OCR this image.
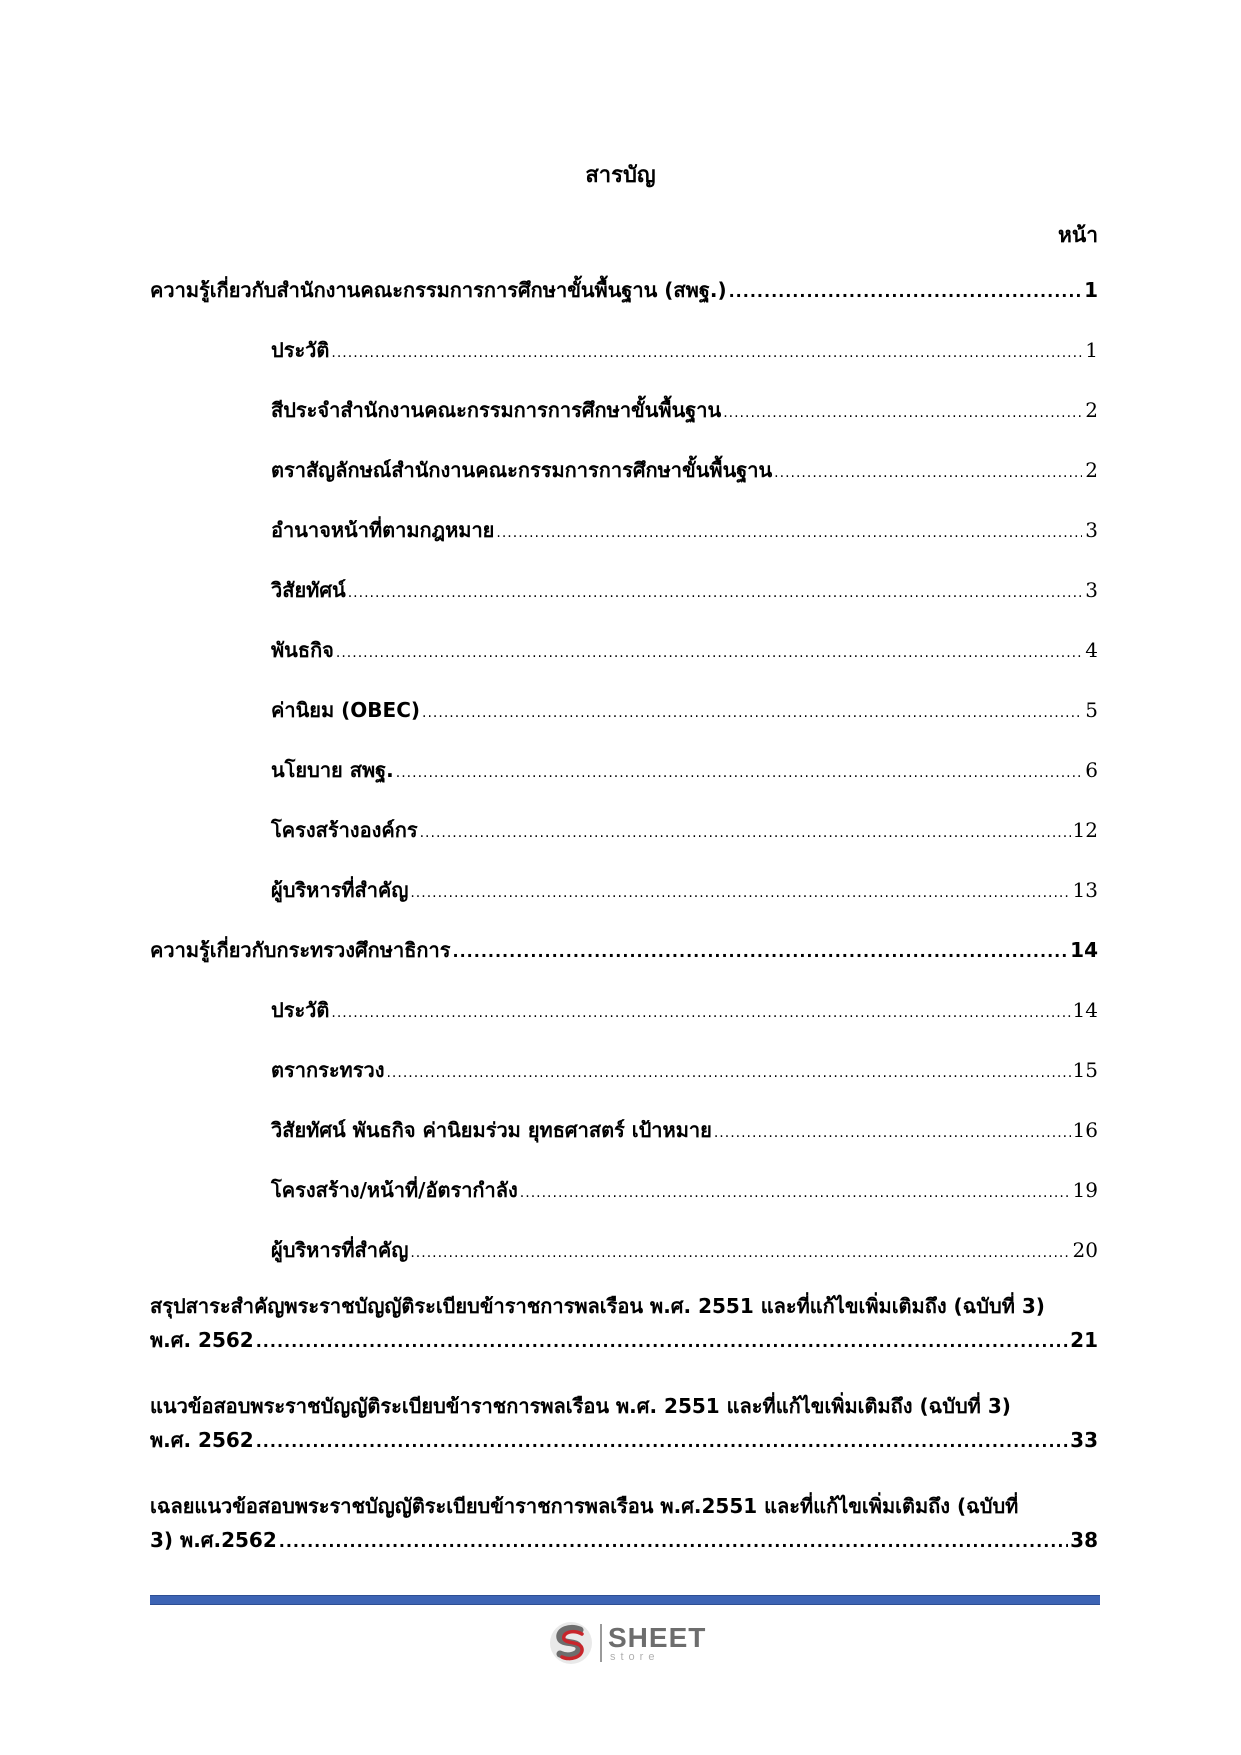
สารบัญ
หน้า
ความรู้เกี่ยวกับสำนักงานคณะกรรมการการศึกษาขั้นพื้นฐาน (สพฐ.) .....	1
ประวัติ .....	1
สีประจำสำนักงานคณะกรรมการการศึกษาขั้นพื้นฐาน .....	2
ตราสัญลักษณ์สำนักงานคณะกรรมการการศึกษาขั้นพื้นฐาน .....	2
อำนาจหน้าที่ตามกฎหมาย .....	3
วิสัยทัศน์ .....	3
พันธกิจ .....	4
ค่านิยม (OBEC) .....	5
นโยบาย สพฐ. .....	6
โครงสร้างองค์กร .....	12
ผู้บริหารที่สำคัญ .....	13
ความรู้เกี่ยวกับกระทรวงศึกษาธิการ .....	14
ประวัติ .....	14
ตรากระทรวง .....	15
วิสัยทัศน์ พันธกิจ ค่านิยมร่วม ยุทธศาสตร์ เป้าหมาย .....	16
โครงสร้าง/หน้าที่/อัตรากำลัง .....	19
ผู้บริหารที่สำคัญ .....	20
สรุปสาระสำคัญพระราชบัญญัติระเบียบข้าราชการพลเรือน พ.ศ. 2551 และที่แก้ไขเพิ่มเติมถึง (ฉบับที่ 3)
พ.ศ. 2562 .....	21
แนวข้อสอบพระราชบัญญัติระเบียบข้าราชการพลเรือน พ.ศ. 2551 และที่แก้ไขเพิ่มเติมถึง (ฉบับที่ 3)
พ.ศ. 2562 .....	33
เฉลยแนวข้อสอบพระราชบัญญัติระเบียบข้าราชการพลเรือน พ.ศ.2551 และที่แก้ไขเพิ่มเติมถึง (ฉบับที่
3) พ.ศ.2562 .....	38
SHEET
store
